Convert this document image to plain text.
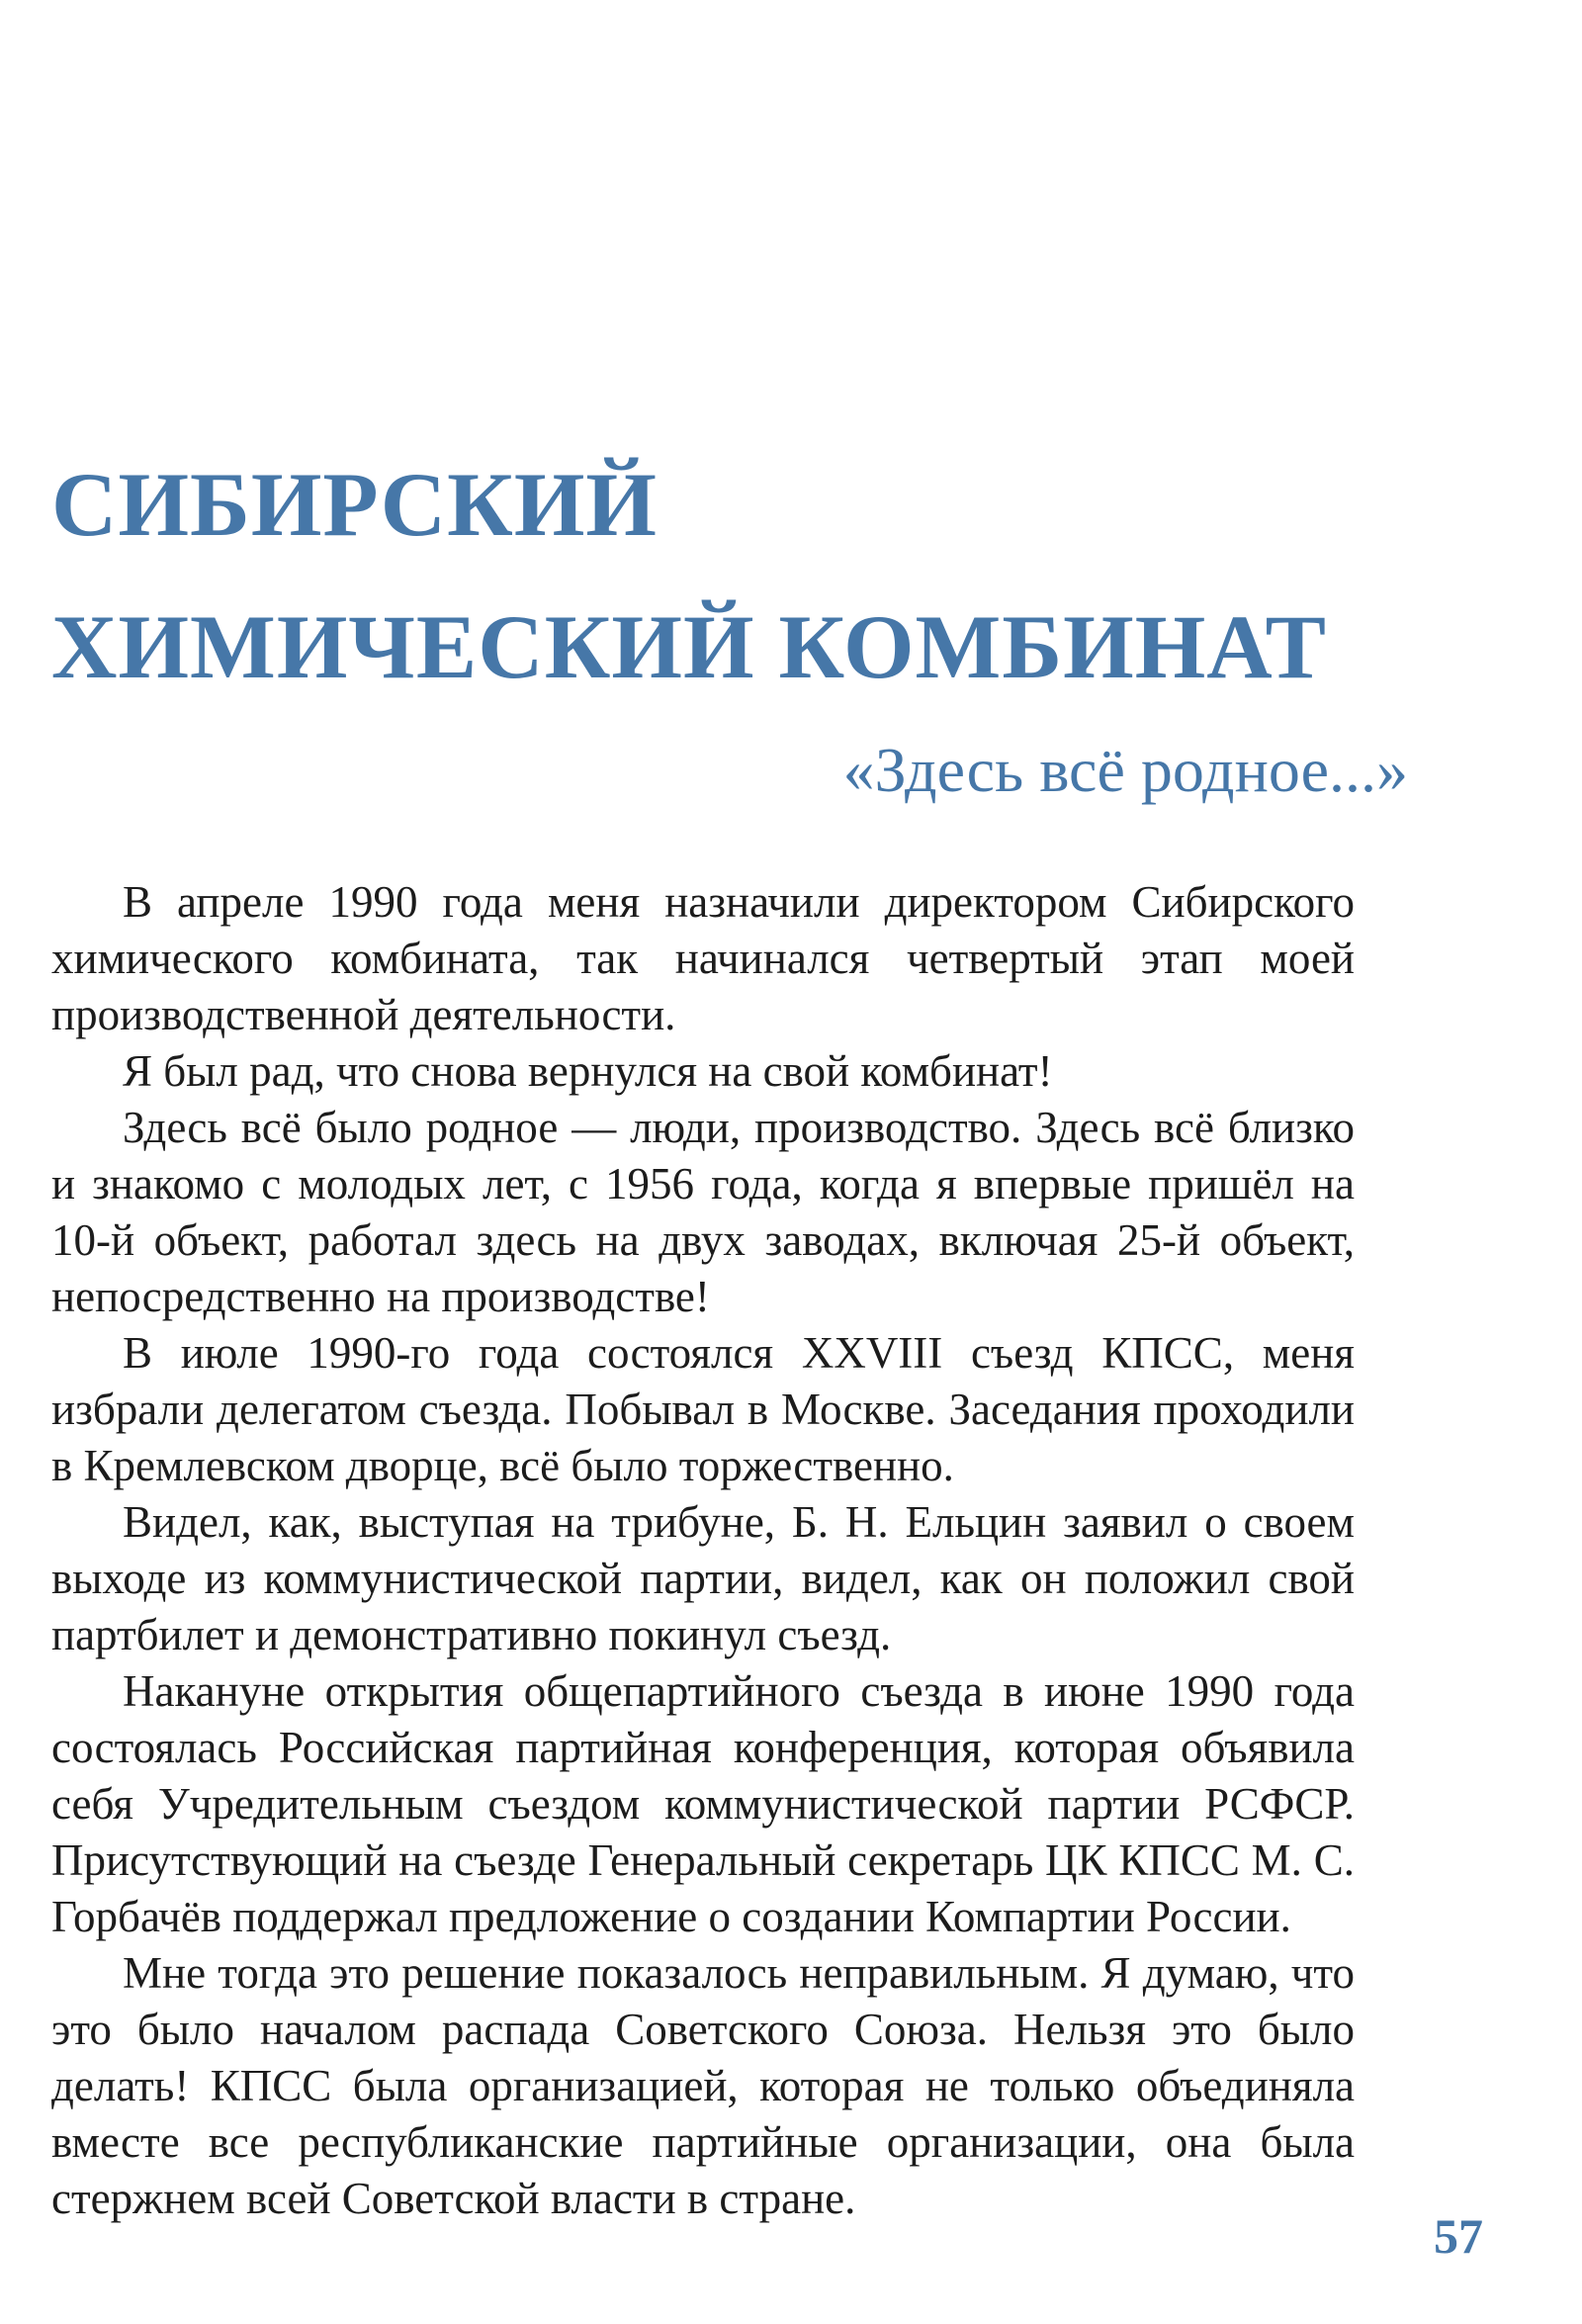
СИБИРСКИЙ
ХИМИЧЕСКИЙ КОМБИНАТ
«Здесь всё родное...»

В апреле 1990 года меня назначили директором Сибирского химического комбината, так начинался четвертый этап моей производственной деятельности.

Я был рад, что снова вернулся на свой комбинат!

Здесь всё было родное — люди, производство. Здесь всё близко и знакомо с молодых лет, с 1956 года, когда я впервые пришёл на 10-й объект, работал здесь на двух заводах, включая 25-й объект, непосредственно на производстве!

В июле 1990-го года состоялся XXVIII съезд КПСС, меня избрали делегатом съезда. Побывал в Москве. Заседания проходили в Кремлевском дворце, всё было торжественно.

Видел, как, выступая на трибуне, Б. Н. Ельцин заявил о своем выходе из коммунистической партии, видел, как он положил свой партбилет и демонстративно покинул съезд.

Накануне открытия общепартийного съезда в июне 1990 года состоялась Российская партийная конференция, которая объявила себя Учредительным съездом коммунистической партии РСФСР. Присутствующий на съезде Генеральный секретарь ЦК КПСС М. С. Горбачёв поддержал предложение о создании Компартии России.

Мне тогда это решение показалось неправильным. Я думаю, что это было началом распада Советского Союза. Нельзя это было делать! КПСС была организацией, которая не только объединяла вместе все республиканские партийные организации, она была стержнем всей Советской власти в стране.

57
